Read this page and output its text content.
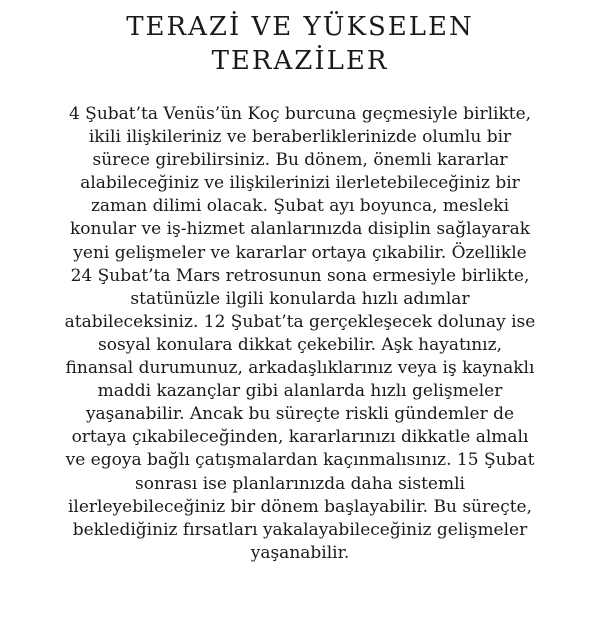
TERAZİ VE YÜKSELEN
TERAZİLER

4 Şubat’ta Venüs’ün Koç burcuna geçmesiyle birlikte,
ikili ilişkileriniz ve beraberliklerinizde olumlu bir
sürece girebilirsiniz. Bu dönem, önemli kararlar
alabileceğiniz ve ilişkilerinizi ilerletebileceğiniz bir
zaman dilimi olacak. Şubat ayı boyunca, mesleki
konular ve iş-hizmet alanlarınızda disiplin sağlayarak
yeni gelişmeler ve kararlar ortaya çıkabilir. Özellikle
24 Şubat’ta Mars retrosunun sona ermesiyle birlikte,
statünüzle ilgili konularda hızlı adımlar
atabileceksiniz. 12 Şubat’ta gerçekleşecek dolunay ise
sosyal konulara dikkat çekebilir. Aşk hayatınız,
finansal durumunuz, arkadaşlıklarınız veya iş kaynaklı
maddi kazançlar gibi alanlarda hızlı gelişmeler
yaşanabilir. Ancak bu süreçte riskli gündemler de
ortaya çıkabileceğinden, kararlarınızı dikkatle almalı
ve egoya bağlı çatışmalardan kaçınmalısınız. 15 Şubat
sonrası ise planlarınızda daha sistemli
ilerleyebileceğiniz bir dönem başlayabilir. Bu süreçte,
beklediğiniz fırsatları yakalayabileceğiniz gelişmeler
yaşanabilir.
